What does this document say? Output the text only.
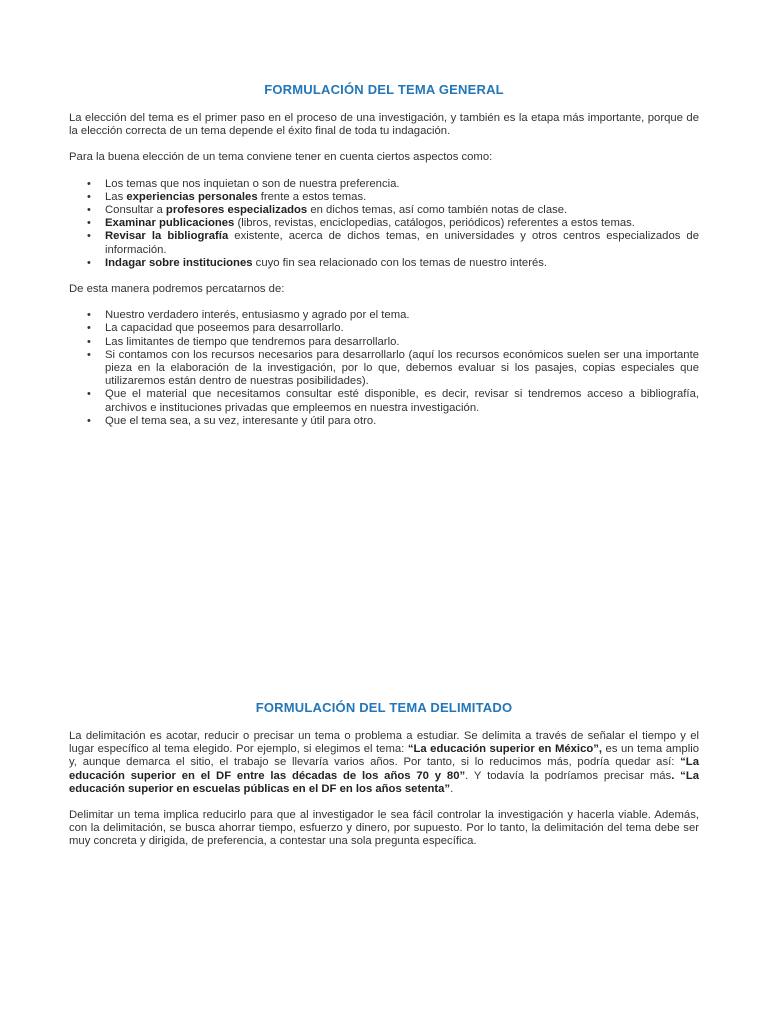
FORMULACIÓN DEL TEMA GENERAL

La elección del tema es el primer paso en el proceso de una investigación, y también es la etapa más importante, porque de la elección correcta de un tema depende el éxito final de toda tu indagación.

Para la buena elección de un tema conviene tener en cuenta ciertos aspectos como:

• Los temas que nos inquietan o son de nuestra preferencia.
• Las experiencias personales frente a estos temas.
• Consultar a profesores especializados en dichos temas, así como también notas de clase.
• Examinar publicaciones (libros, revistas, enciclopedias, catálogos, periódicos) referentes a estos temas.
• Revisar la bibliografía existente, acerca de dichos temas, en universidades y otros centros especializados de información.
• Indagar sobre instituciones cuyo fin sea relacionado con los temas de nuestro interés.

De esta manera podremos percatarnos de:

• Nuestro verdadero interés, entusiasmo y agrado por el tema.
• La capacidad que poseemos para desarrollarlo.
• Las limitantes de tiempo que tendremos para desarrollarlo.
• Si contamos con los recursos necesarios para desarrollarlo (aquí los recursos económicos suelen ser una importante pieza en la elaboración de la investigación, por lo que, debemos evaluar si los pasajes, copias especiales que utilizaremos están dentro de nuestras posibilidades).
• Que el material que necesitamos consultar esté disponible, es decir, revisar si tendremos acceso a bibliografía, archivos e instituciones privadas que empleemos en nuestra investigación.
• Que el tema sea, a su vez, interesante y útil para otro.
FORMULACIÓN DEL TEMA DELIMITADO

La delimitación es acotar, reducir o precisar un tema o problema a estudiar. Se delimita a través de señalar el tiempo y el lugar específico al tema elegido. Por ejemplo, si elegimos el tema: “La educación superior en México”, es un tema amplio y, aunque demarca el sitio, el trabajo se llevaría varios años. Por tanto, si lo reducimos más, podría quedar así: “La educación superior en el DF entre las décadas de los años 70 y 80”. Y todavía la podríamos precisar más. “La educación superior en escuelas públicas en el DF en los años setenta”.

Delimitar un tema implica reducirlo para que al investigador le sea fácil controlar la investigación y hacerla viable. Además, con la delimitación, se busca ahorrar tiempo, esfuerzo y dinero, por supuesto. Por lo tanto, la delimitación del tema debe ser muy concreta y dirigida, de preferencia, a contestar una sola pregunta específica.
